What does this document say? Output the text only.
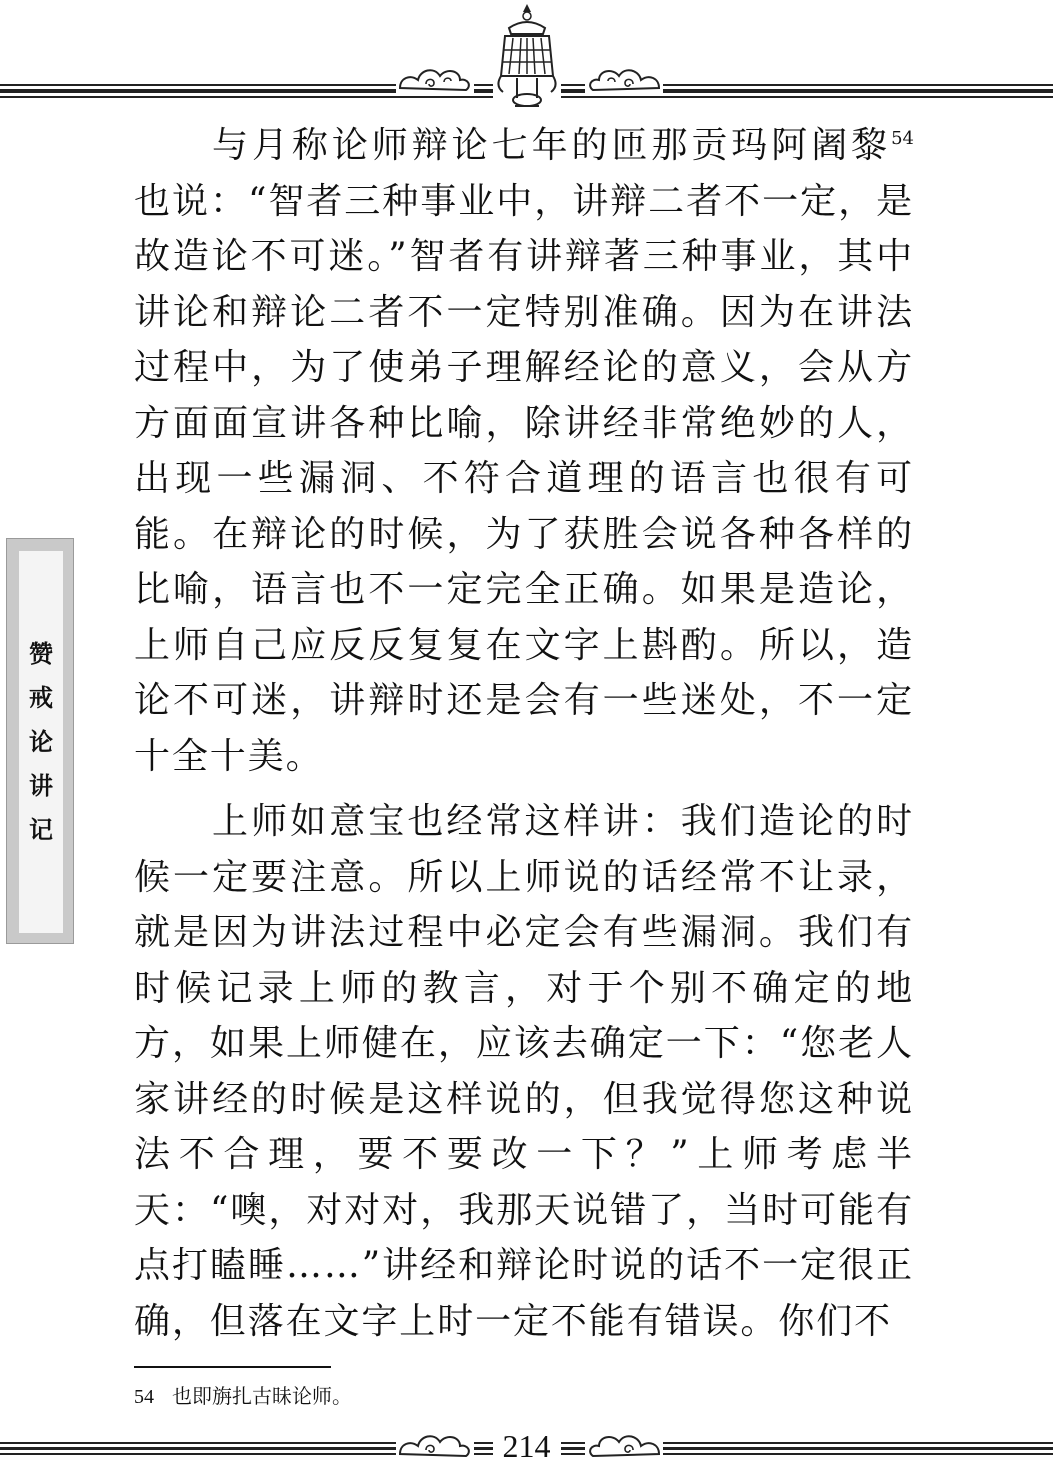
赞
戒
论
讲
记

与月称论师辩论七年的匝那贡玛阿阇黎$^{54}$也说：“智者三种事业中，讲辩二者不一定，是故造论不可迷。”智者有讲辩著三种事业，其中讲论和辩论二者不一定特别准确。因为在讲法过程中，为了使弟子理解经论的意义，会从方方面面宣讲各种比喻，除讲经非常绝妙的人，出现一些漏洞、不符合道理的语言也很有可能。在辩论的时候，为了获胜会说各种各样的比喻，语言也不一定完全正确。如果是造论，上师自己应反反复复在文字上斟酌。所以，造论不可迷，讲辩时还是会有一些迷处，不一定十全十美。

上师如意宝也经常这样讲：我们造论的时候一定要注意。所以上师说的话经常不让录，就是因为讲法过程中必定会有些漏洞。我们有时候记录上师的教言，对于个别不确定的地方，如果上师健在，应该去确定一下：“您老人家讲经的时候是这样说的，但我觉得您这种说法不合理，要不要改一下？”上师考虑半天：“噢，对对对，我那天说错了，当时可能有点打瞌睡……”讲经和辩论时说的话不一定很正确，但落在文字上时一定不能有错误。你们不

54 也即旃扎古昧论师。
214
